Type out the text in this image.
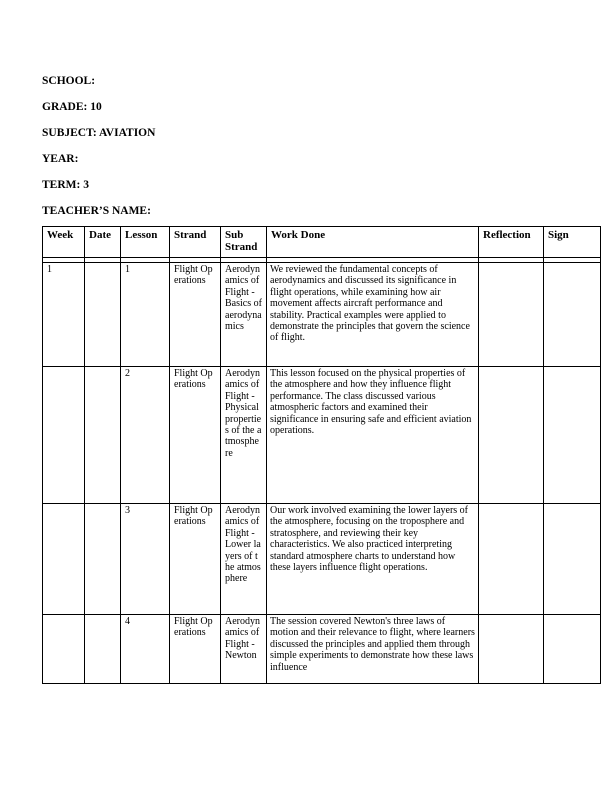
SCHOOL:

GRADE: 10

SUBJECT: AVIATION

YEAR:

TERM: 3

TEACHER’S NAME:

Week	Date	Lesson	Strand	Sub Strand	Work Done	Reflection	Sign

1		1	Flight Operations	Aerodynamics of Flight - Basics of aerodynamics	We reviewed the fundamental concepts of aerodynamics and discussed its significance in flight operations, while examining how air movement affects aircraft performance and stability. Practical examples were applied to demonstrate the principles that govern the science of flight.		
		2	Flight Operations	Aerodynamics of Flight - Physical properties of the atmosphere	This lesson focused on the physical properties of the atmosphere and how they influence flight performance. The class discussed various atmospheric factors and examined their significance in ensuring safe and efficient aviation operations.		
		3	Flight Operations	Aerodynamics of Flight - Lower layers of the atmosphere	Our work involved examining the lower layers of the atmosphere, focusing on the troposphere and stratosphere, and reviewing their key characteristics. We also practiced interpreting standard atmosphere charts to understand how these layers influence flight operations.		
		4	Flight Operations	Aerodynamics of Flight - Newton	The session covered Newton's three laws of motion and their relevance to flight, where learners discussed the principles and applied them through simple experiments to demonstrate how these laws influence		
